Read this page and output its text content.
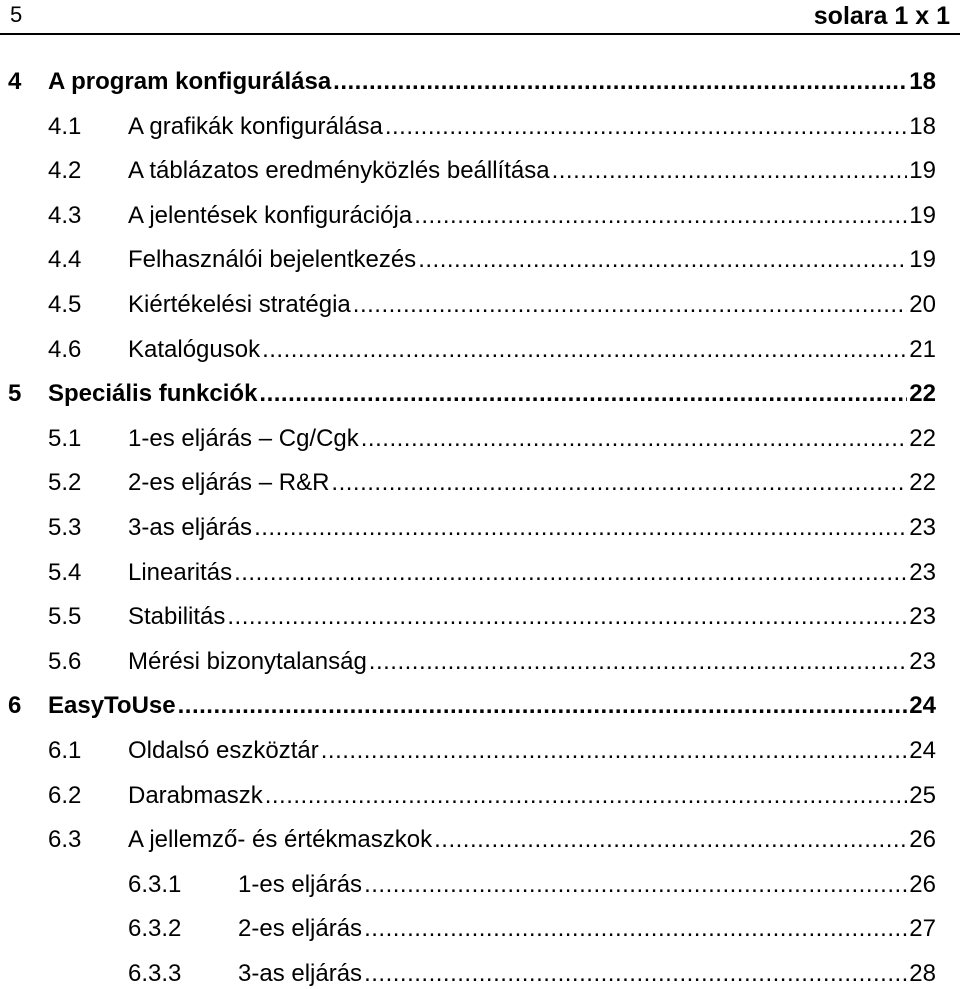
5	solara 1 x 1
4	A program konfigurálása .....	18
4.1	A grafikák konfigurálása .....	18
4.2	A táblázatos eredményközlés beállítása .....	19
4.3	A jelentések konfigurációja .....	19
4.4	Felhasználói bejelentkezés .....	19
4.5	Kiértékelési stratégia .....	20
4.6	Katalógusok .....	21
5	Speciális funkciók .....	22
5.1	1-es eljárás – Cg/Cgk .....	22
5.2	2-es eljárás – R&R .....	22
5.3	3-as eljárás .....	23
5.4	Linearitás .....	23
5.5	Stabilitás .....	23
5.6	Mérési bizonytalanság .....	23
6	EasyToUse .....	24
6.1	Oldalsó eszköztár .....	24
6.2	Darabmaszk .....	25
6.3	A jellemző- és értékmaszkok .....	26
6.3.1	1-es eljárás .....	26
6.3.2	2-es eljárás .....	27
6.3.3	3-as eljárás .....	28
